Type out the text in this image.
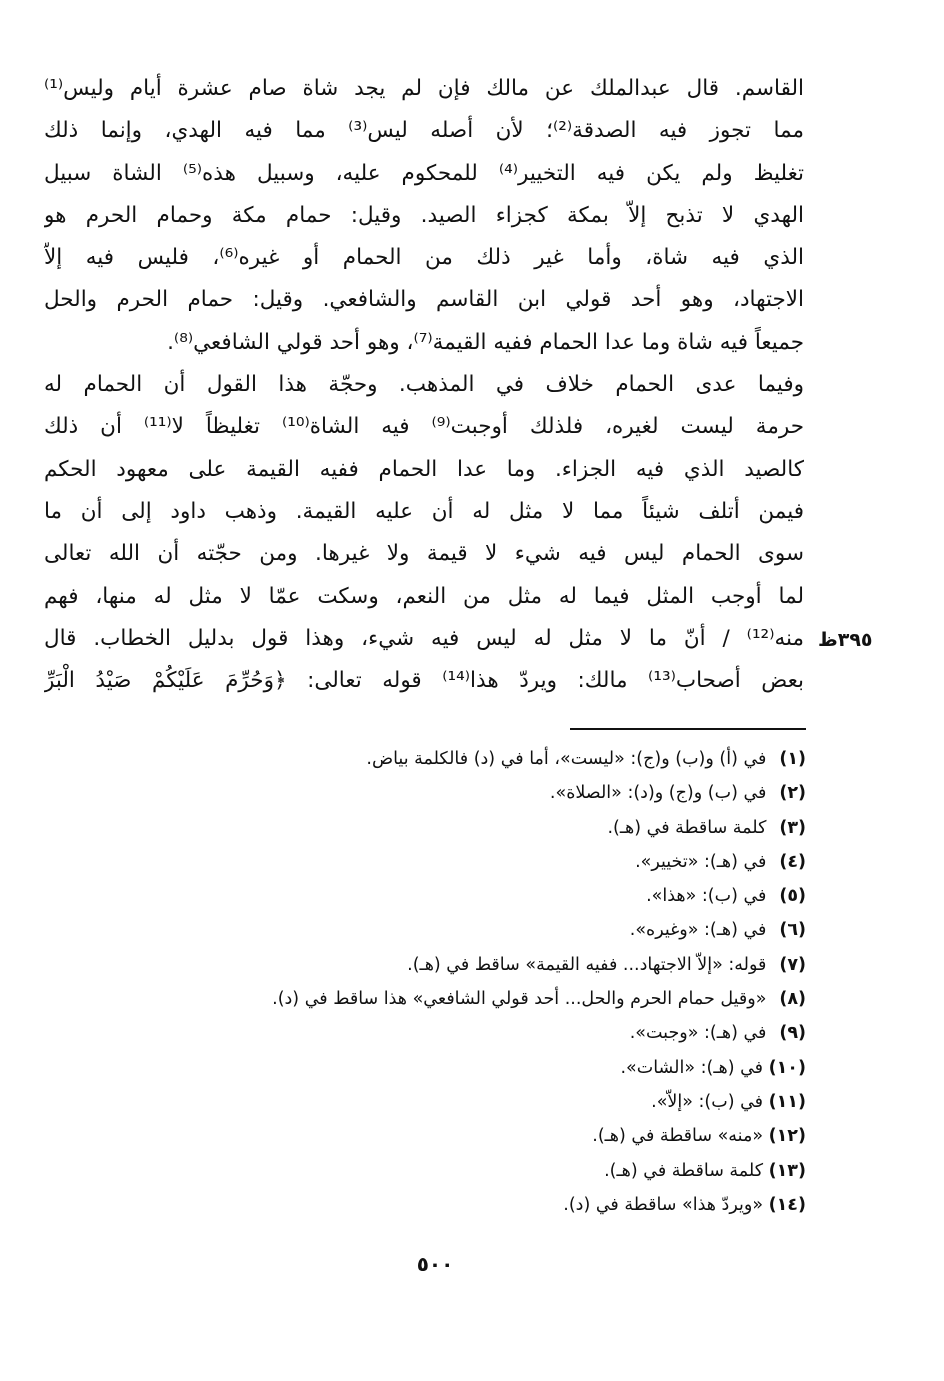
القاسم. قال عبدالملك عن مالك فإن لم يجد شاة صام عشرة أيام وليس⁽¹⁾
مما تجوز فيه الصدقة⁽²⁾؛ لأن أصله ليس⁽³⁾ مما فيه الهدي، وإنما ذلك
تغليظ ولم يكن فيه التخيير⁽⁴⁾ للمحكوم عليه، وسبيل هذه⁽⁵⁾ الشاة سبيل
الهدي لا تذبح إلاّ بمكة كجزاء الصيد. وقيل: حمام مكة وحمام الحرم هو
الذي فيه شاة، وأما غير ذلك من الحمام أو غيره⁽⁶⁾، فليس فيه إلاّ
الاجتهاد، وهو أحد قولي ابن القاسم والشافعي. وقيل: حمام الحرم والحل
جميعاً فيه شاة وما عدا الحمام ففيه القيمة⁽⁷⁾، وهو أحد قولي الشافعي⁽⁸⁾.
وفيما عدى الحمام خلاف في المذهب. وحجّة هذا القول أن الحمام له
حرمة ليست لغيره، فلذلك أوجبت⁽⁹⁾ فيه الشاة⁽¹⁰⁾ تغليظاً لا⁽¹¹⁾ أن ذلك
كالصيد الذي فيه الجزاء. وما عدا الحمام ففيه القيمة على معهود الحكم
فيمن أتلف شيئاً مما لا مثل له أن عليه القيمة. وذهب داود إلى أن ما
سوى الحمام ليس فيه شيء لا قيمة ولا غيرها. ومن حجّته أن الله تعالى
لما أوجب المثل فيما له مثل من النعم، وسكت عمّا لا مثل له منها، فهم
منه⁽¹²⁾ / أنّ ما لا مثل له ليس فيه شيء، وهذا قول بدليل الخطاب. قال
بعض أصحاب⁽¹³⁾ مالك: ويردّ هذا⁽¹⁴⁾ قوله تعالى: ﴿وَحُرِّمَ عَلَيْكُمْ صَيْدُ الْبَرِّ
٣٩٥ظ
(١) في (أ) و(ب) و(ج): «ليست»، أما في (د) فالكلمة بياض.
(٢) في (ب) و(ج) و(د): «الصلاة».
(٣) كلمة ساقطة في (هـ).
(٤) في (هـ): «تخيير».
(٥) في (ب): «هذا».
(٦) في (هـ): «وغيره».
(٧) قوله: «إلاّ الاجتهاد... ففيه القيمة» ساقط في (هـ).
(٨) «وقيل حمام الحرم والحل... أحد قولي الشافعي» هذا ساقط في (د).
(٩) في (هـ): «وجبت».
(١٠) في (هـ): «الشات».
(١١) في (ب): «إلاّ».
(١٢) «منه» ساقطة في (هـ).
(١٣) كلمة ساقطة في (هـ).
(١٤) «ويردّ هذا» ساقطة في (د).
٥٠٠
